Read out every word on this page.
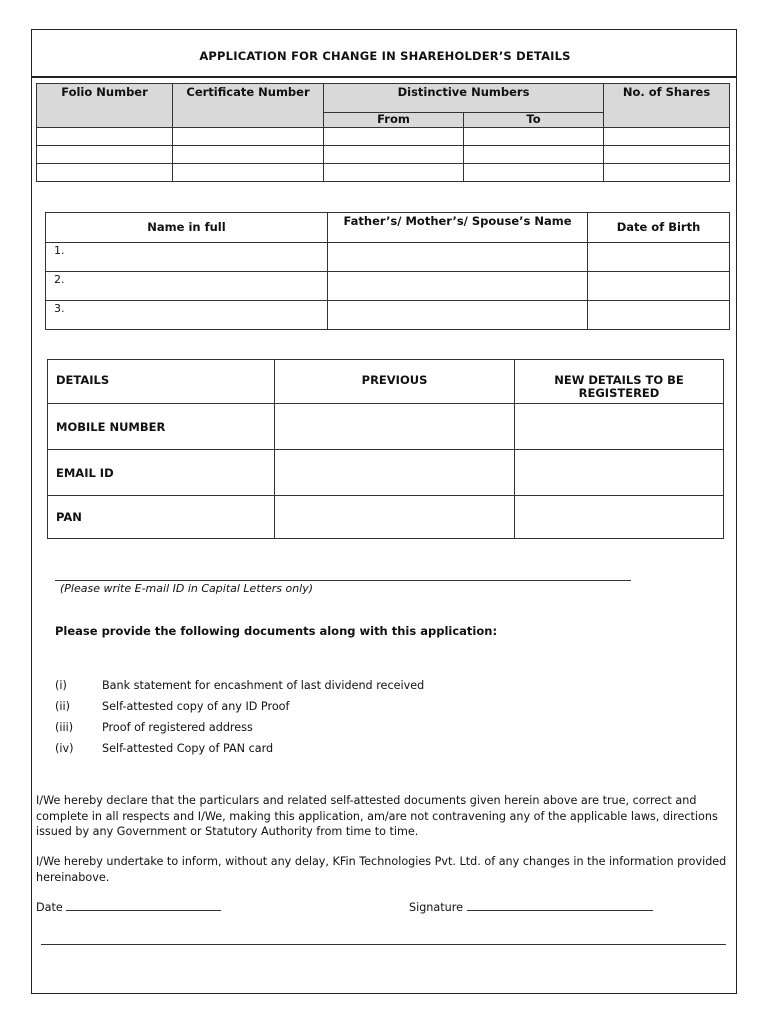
APPLICATION FOR CHANGE IN SHAREHOLDER’S DETAILS
Folio Number	Certificate Number	Distinctive Numbers		No. of Shares
		From	To	

Name in full	Father’s/ Mother’s/ Spouse’s Name	Date of Birth
1.		
2.		
3.		
DETAILS	PREVIOUS	NEW DETAILS TO BE REGISTERED
MOBILE NUMBER		
EMAIL ID		
PAN		
(Please write E-mail ID in Capital Letters only)
Please provide the following documents along with this application:
(i)	Bank statement for encashment of last dividend received
(ii)	Self-attested copy of any ID Proof
(iii)	Proof of registered address
(iv)	Self-attested Copy of PAN card
I/We hereby declare that the particulars and related self-attested documents given herein above are true, correct and complete in all respects and I/We, making this application, am/are not contravening any of the applicable laws, directions issued by any Government or Statutory Authority from time to time.
I/We hereby undertake to inform, without any delay, KFin Technologies Pvt. Ltd. of any changes in the information provided hereinabove.
Date	Signature
